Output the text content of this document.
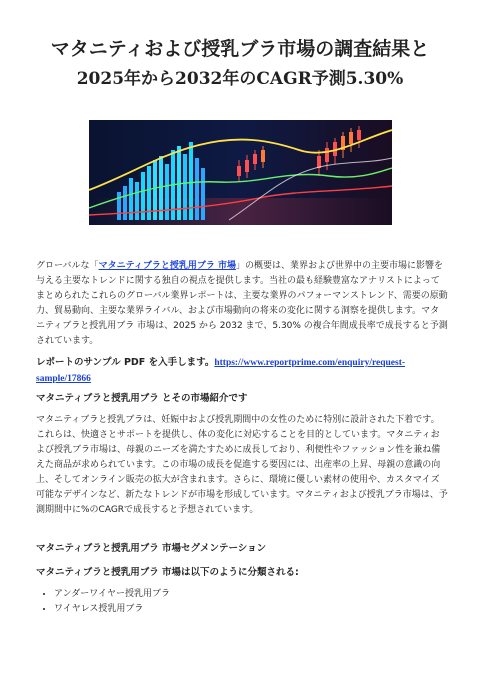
マタニティおよび授乳ブラ市場の調査結果と
2025年から2032年のCAGR予測5.30%
グローバルな「マタニティブラと授乳用ブラ 市場」の概要は、業界および世界中の主要市場に影響を与える主要なトレンドに関する独自の視点を提供します。当社の最も経験豊富なアナリストによってまとめられたこれらのグローバル業界レポートは、主要な業界のパフォーマンストレンド、需要の原動力、貿易動向、主要な業界ライバル、および市場動向の将来の変化に関する洞察を提供します。マタニティブラと授乳用ブラ 市場は、2025 から 2032 まで、5.30% の複合年間成長率で成長すると予測されています。
レポートのサンプル PDF を入手します。https://www.reportprime.com/enquiry/request-sample/17866
マタニティブラと授乳用ブラ とその市場紹介です
マタニティブラと授乳ブラは、妊娠中および授乳期間中の女性のために特別に設計された下着です。これらは、快適さとサポートを提供し、体の変化に対応することを目的としています。マタニティおよび授乳ブラ市場は、母親のニーズを満たすために成長しており、利便性やファッション性を兼ね備えた商品が求められています。この市場の成長を促進する要因には、出産率の上昇、母親の意識の向上、そしてオンライン販売の拡大が含まれます。さらに、環境に優しい素材の使用や、カスタマイズ可能なデザインなど、新たなトレンドが市場を形成しています。マタニティおよび授乳ブラ市場は、予測期間中に%のCAGRで成長すると予想されています。
マタニティブラと授乳用ブラ 市場セグメンテーション
マタニティブラと授乳用ブラ 市場は以下のように分類される:
• アンダーワイヤー授乳用ブラ
• ワイヤレス授乳用ブラ
